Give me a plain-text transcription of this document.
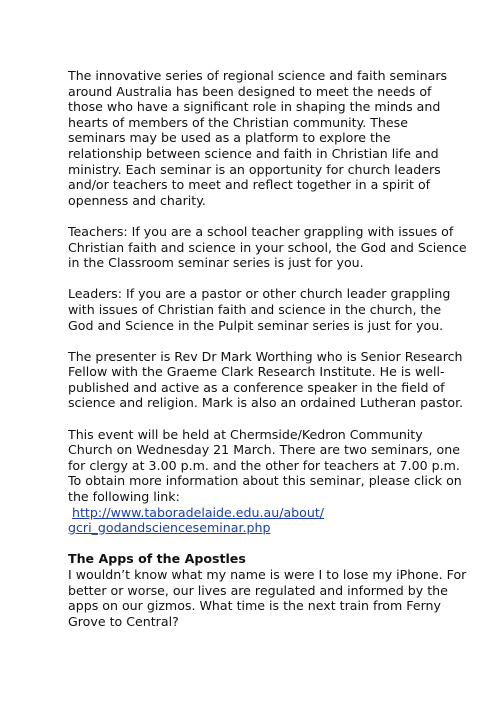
The innovative series of regional science and faith seminars around Australia has been designed to meet the needs of those who have a significant role in shaping the minds and hearts of members of the Christian community. These seminars may be used as a platform to explore the relationship between science and faith in Christian life and ministry. Each seminar is an opportunity for church leaders and/or teachers to meet and reflect together in a spirit of openness and charity.

Teachers: If you are a school teacher grappling with issues of Christian faith and science in your school, the God and Science in the Classroom seminar series is just for you.

Leaders: If you are a pastor or other church leader grappling with issues of Christian faith and science in the church, the God and Science in the Pulpit seminar series is just for you.

The presenter is Rev Dr Mark Worthing who is Senior Research Fellow with the Graeme Clark Research Institute. He is well-published and active as a conference speaker in the field of science and religion. Mark is also an ordained Lutheran pastor.

This event will be held at Chermside/Kedron Community Church on Wednesday 21 March. There are two seminars, one for clergy at 3.00 p.m. and the other for teachers at 7.00 p.m.

To obtain more information about this seminar, please click on the following link:

http://www.taboradelaide.edu.au/about/
gcri_godandscienceseminar.php

The Apps of the Apostles

I wouldn’t know what my name is were I to lose my iPhone. For better or worse, our lives are regulated and informed by the apps on our gizmos. What time is the next train from Ferny Grove to Central?
